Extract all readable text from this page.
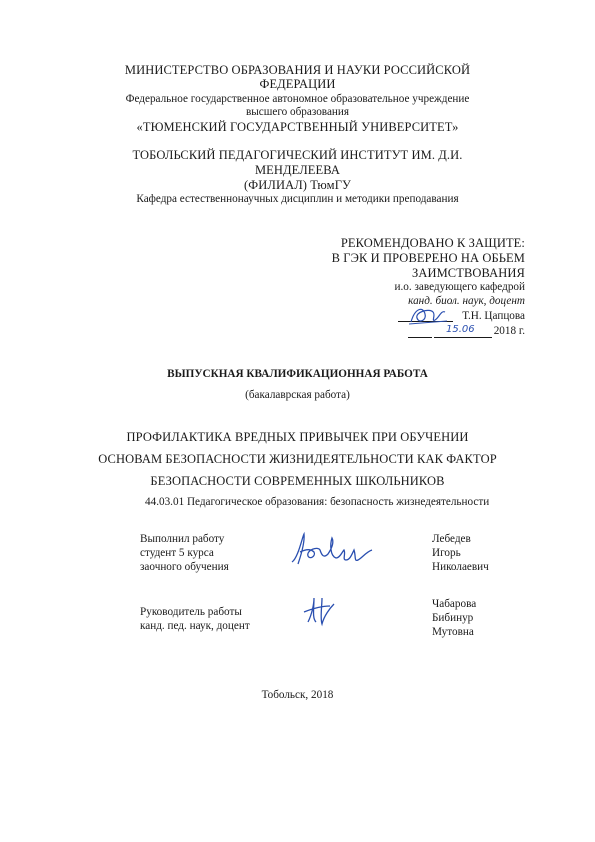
МИНИСТЕРСТВО ОБРАЗОВАНИЯ И НАУКИ РОССИЙСКОЙ
ФЕДЕРАЦИИ
Федеральное государственное автономное образовательное учреждение
высшего образования
«ТЮМЕНСКИЙ ГОСУДАРСТВЕННЫЙ УНИВЕРСИТЕТ»
ТОБОЛЬСКИЙ ПЕДАГОГИЧЕСКИЙ ИНСТИТУТ ИМ. Д.И.
МЕНДЕЛЕЕВА
(ФИЛИАЛ) ТюмГУ
Кафедра естественнонаучных дисциплин и методики преподавания
РЕКОМЕНДОВАНО К ЗАЩИТЕ:
В ГЭК И ПРОВЕРЕНО НА ОБЬЕМ
ЗАИМСТВОВАНИЯ
и.о. заведующего кафедрой
канд. биол. наук, доцент
Т.Н. Цапцова
15.06 2018 г.
ВЫПУСКНАЯ КВАЛИФИКАЦИОННАЯ РАБОТА
(бакалаврская работа)
ПРОФИЛАКТИКА ВРЕДНЫХ ПРИВЫЧЕК ПРИ ОБУЧЕНИИ
ОСНОВАМ БЕЗОПАСНОСТИ ЖИЗНИДЕЯТЕЛЬНОСТИ КАК ФАКТОР
БЕЗОПАСНОСТИ СОВРЕМЕННЫХ ШКОЛЬНИКОВ
44.03.01 Педагогическое образования: безопасность жизнедеятельности
Выполнил работу
студент 5 курса
заочного обучения
Лебедев
Игорь
Николаевич
Руководитель работы
канд. пед. наук, доцент
Чабарова
Бибинур
Мутовна
Тобольск, 2018
